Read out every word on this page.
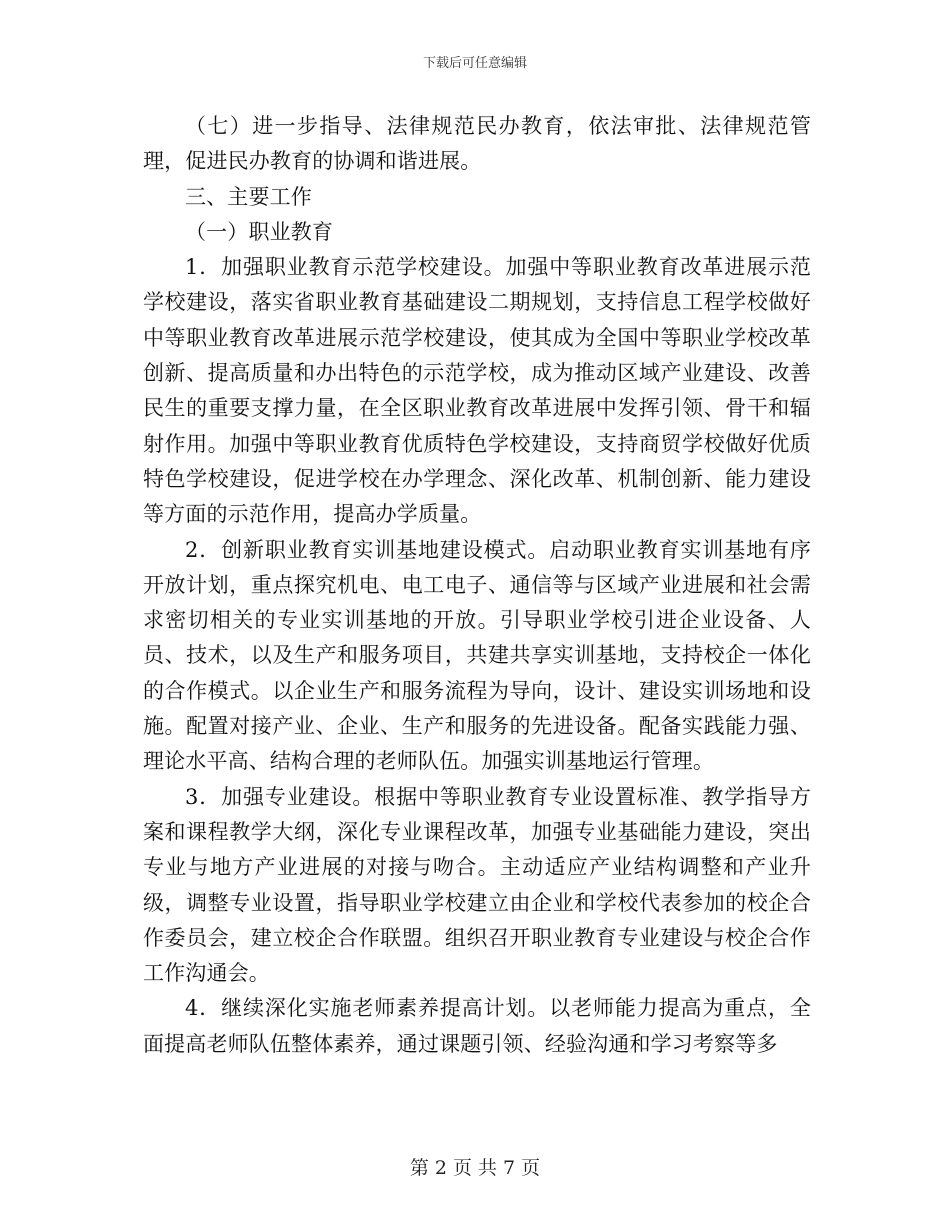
下载后可任意编辑

（七）进一步指导、法律规范民办教育，依法审批、法律规范管理，促进民办教育的协调和谐进展。

三、主要工作

（一）职业教育

1．加强职业教育示范学校建设。加强中等职业教育改革进展示范学校建设，落实省职业教育基础建设二期规划，支持信息工程学校做好中等职业教育改革进展示范学校建设，使其成为全国中等职业学校改革创新、提高质量和办出特色的示范学校，成为推动区域产业建设、改善民生的重要支撑力量，在全区职业教育改革进展中发挥引领、骨干和辐射作用。加强中等职业教育优质特色学校建设，支持商贸学校做好优质特色学校建设，促进学校在办学理念、深化改革、机制创新、能力建设等方面的示范作用，提高办学质量。

2．创新职业教育实训基地建设模式。启动职业教育实训基地有序开放计划，重点探究机电、电工电子、通信等与区域产业进展和社会需求密切相关的专业实训基地的开放。引导职业学校引进企业设备、人员、技术，以及生产和服务项目，共建共享实训基地，支持校企一体化的合作模式。以企业生产和服务流程为导向，设计、建设实训场地和设施。配置对接产业、企业、生产和服务的先进设备。配备实践能力强、理论水平高、结构合理的老师队伍。加强实训基地运行管理。

3．加强专业建设。根据中等职业教育专业设置标准、教学指导方案和课程教学大纲，深化专业课程改革，加强专业基础能力建设，突出专业与地方产业进展的对接与吻合。主动适应产业结构调整和产业升级，调整专业设置，指导职业学校建立由企业和学校代表参加的校企合作委员会，建立校企合作联盟。组织召开职业教育专业建设与校企合作工作沟通会。

4．继续深化实施老师素养提高计划。以老师能力提高为重点，全面提高老师队伍整体素养，通过课题引领、经验沟通和学习考察等多

第 2 页 共 7 页
